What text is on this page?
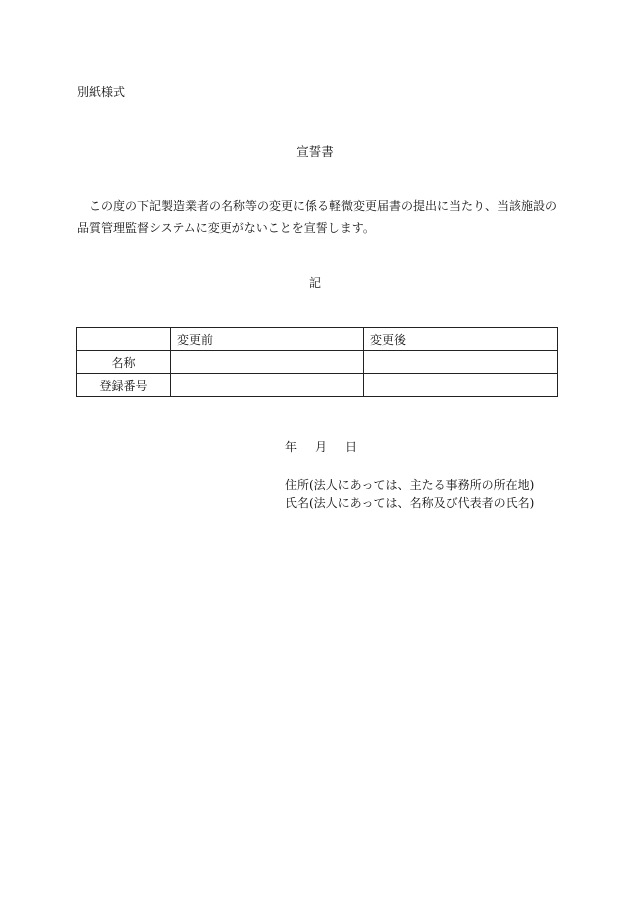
別紙様式
宣誓書
この度の下記製造業者の名称等の変更に係る軽微変更届書の提出に当たり、当該施設の品質管理監督システムに変更がないことを宣誓します。
記
	変更前	変更後
名称		
登録番号		
年 月 日
住所(法人にあっては、主たる事務所の所在地)
氏名(法人にあっては、名称及び代表者の氏名)
